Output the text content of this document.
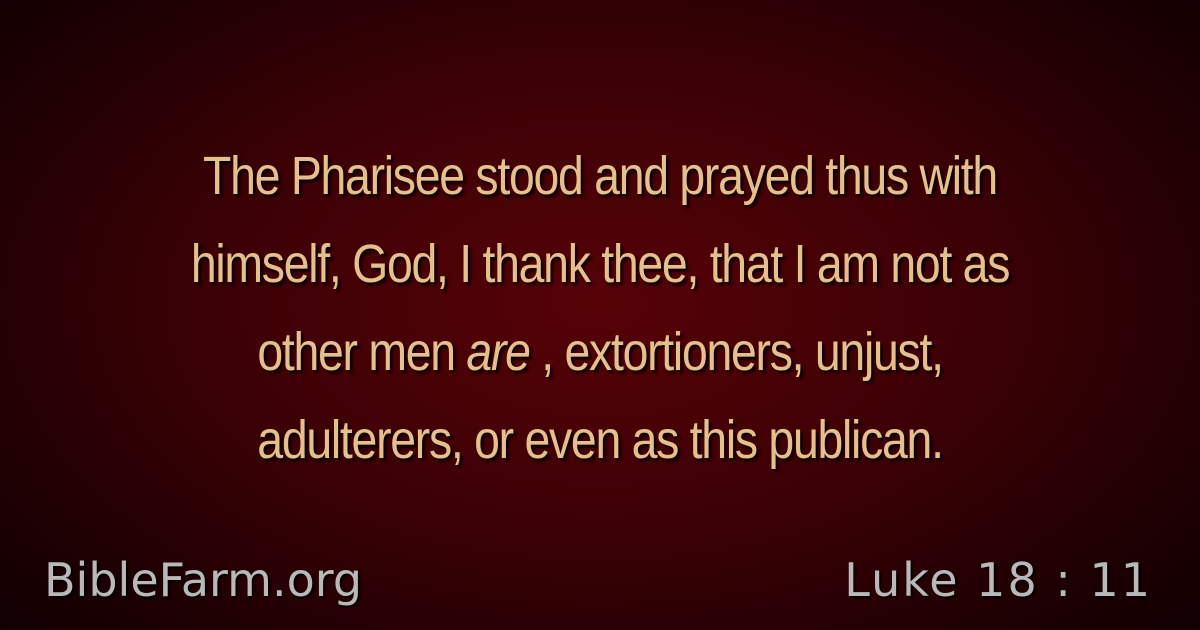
The Pharisee stood and prayed thus with
himself, God, I thank thee, that I am not as
other men are , extortioners, unjust,
adulterers, or even as this publican.
BibleFarm.org	Luke 18 : 11
